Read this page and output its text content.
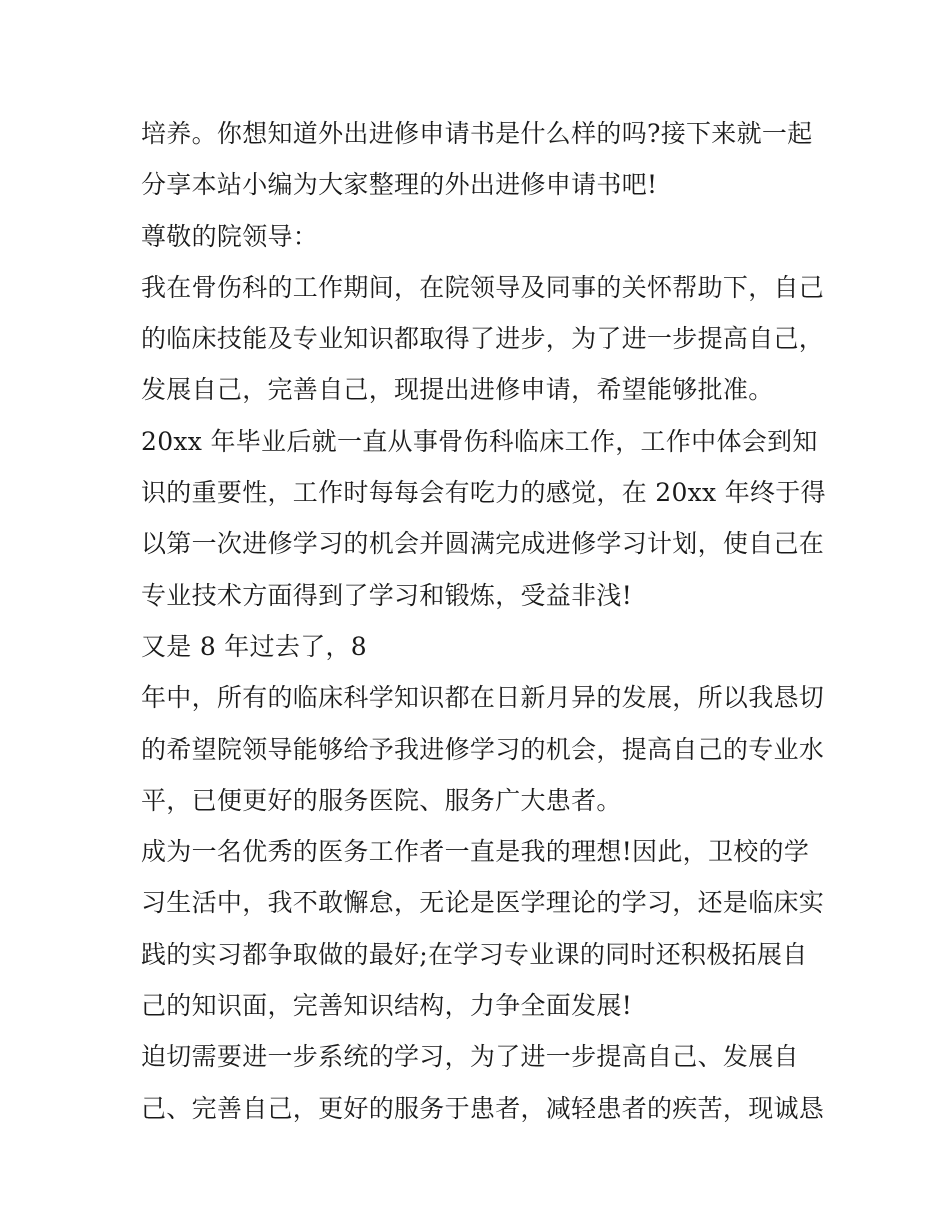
培养。你想知道外出进修申请书是什么样的吗?接下来就一起
分享本站小编为大家整理的外出进修申请书吧!
尊敬的院领导：
我在骨伤科的工作期间，在院领导及同事的关怀帮助下，自己
的临床技能及专业知识都取得了进步，为了进一步提高自己，
发展自己，完善自己，现提出进修申请，希望能够批准。
20xx 年毕业后就一直从事骨伤科临床工作，工作中体会到知
识的重要性，工作时每每会有吃力的感觉，在 20xx 年终于得
以第一次进修学习的机会并圆满完成进修学习计划，使自己在
专业技术方面得到了学习和锻炼，受益非浅!
又是 8 年过去了，8
年中，所有的临床科学知识都在日新月异的发展，所以我恳切
的希望院领导能够给予我进修学习的机会，提高自己的专业水
平，已便更好的服务医院、服务广大患者。
成为一名优秀的医务工作者一直是我的理想!因此，卫校的学
习生活中，我不敢懈怠，无论是医学理论的学习，还是临床实
践的实习都争取做的最好;在学习专业课的同时还积极拓展自
己的知识面，完善知识结构，力争全面发展!
迫切需要进一步系统的学习，为了进一步提高自己、发展自
己、完善自己，更好的服务于患者，减轻患者的疾苦，现诚恳
